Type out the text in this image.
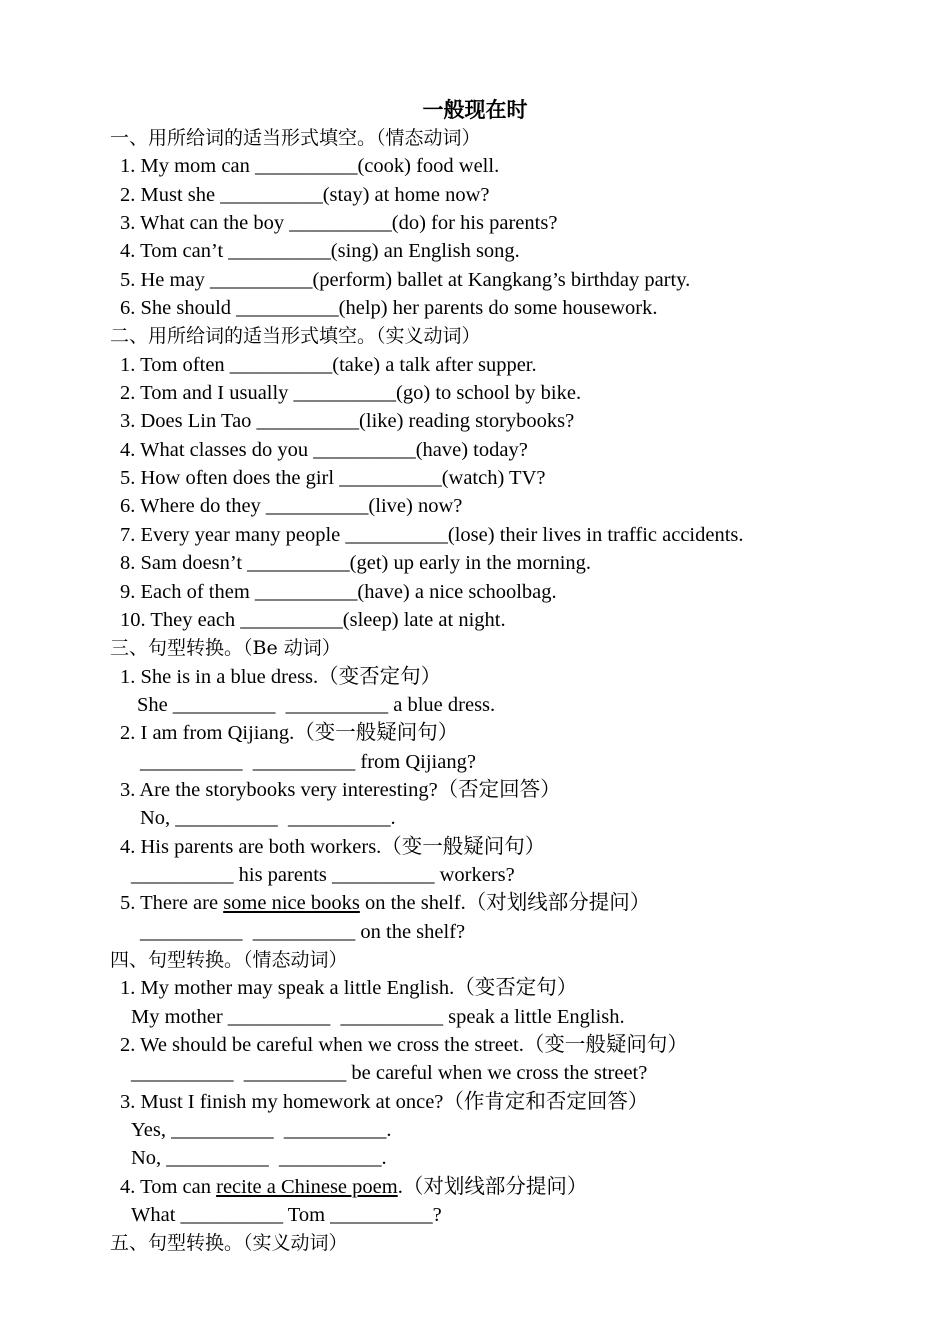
一般现在时
一、用所给词的适当形式填空。（情态动词）
1. My mom can __________(cook) food well.
2. Must she __________(stay) at home now?
3. What can the boy __________(do) for his parents?
4. Tom can’t __________(sing) an English song.
5. He may __________(perform) ballet at Kangkang’s birthday party.
6. She should __________(help) her parents do some housework.
二、用所给词的适当形式填空。（实义动词）
1. Tom often __________(take) a talk after supper.
2. Tom and I usually __________(go) to school by bike.
3. Does Lin Tao __________(like) reading storybooks?
4. What classes do you __________(have) today?
5. How often does the girl __________(watch) TV?
6. Where do they __________(live) now?
7. Every year many people __________(lose) their lives in traffic accidents.
8. Sam doesn’t __________(get) up early in the morning.
9. Each of them __________(have) a nice schoolbag.
10. They each __________(sleep) late at night.
三、句型转换。（Be 动词）
1. She is in a blue dress.（变否定句）
She __________  __________ a blue dress.
2. I am from Qijiang.（变一般疑问句）
__________  __________ from Qijiang?
3. Are the storybooks very interesting?（否定回答）
No, __________  __________.
4. His parents are both workers.（变一般疑问句）
__________ his parents __________ workers?
5. There are some nice books on the shelf.（对划线部分提问）
__________  __________ on the shelf?
四、句型转换。（情态动词）
1. My mother may speak a little English.（变否定句）
My mother __________  __________ speak a little English.
2. We should be careful when we cross the street.（变一般疑问句）
__________  __________ be careful when we cross the street?
3. Must I finish my homework at once?（作肯定和否定回答）
Yes, __________  __________.
No, __________  __________.
4. Tom can recite a Chinese poem.（对划线部分提问）
What __________ Tom __________?
五、句型转换。（实义动词）
